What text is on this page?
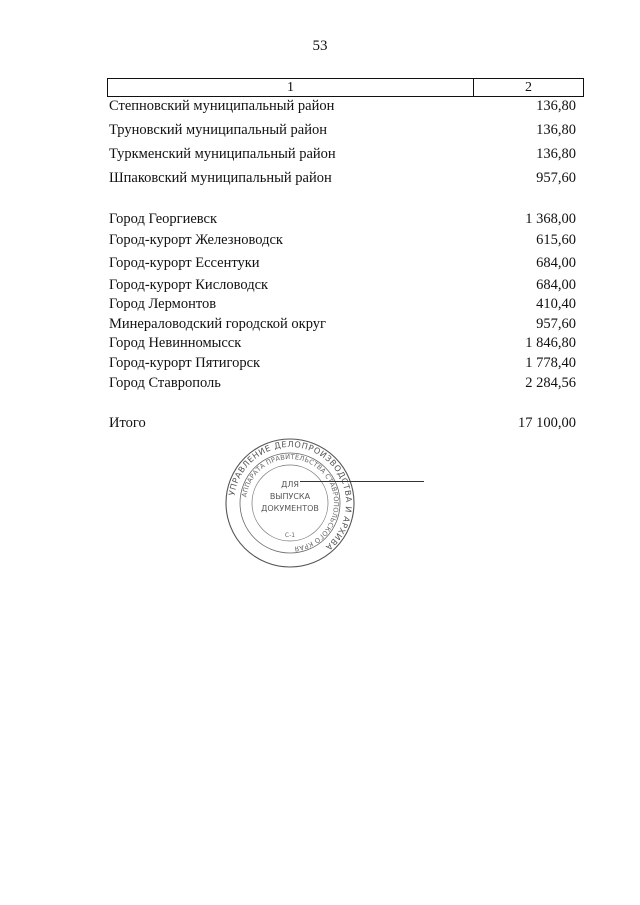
53
1	2
Степновский муниципальный район	136,80
Труновский муниципальный район	136,80
Туркменский муниципальный район	136,80
Шпаковский муниципальный район	957,60
Город Георгиевск	1 368,00
Город-курорт Железноводск	615,60
Город-курорт Ессентуки	684,00
Город-курорт Кисловодск	684,00
Город Лермонтов	410,40
Минераловодский городской округ	957,60
Город Невинномысск	1 846,80
Город-курорт Пятигорск	1 778,40
Город Ставрополь	2 284,56
Итого	17 100,00
УПРАВЛЕНИЕ ДЕЛОПРОИЗВОДСТВА И АРХИВА
АППАРАТА ПРАВИТЕЛЬСТВА СТАВРОПОЛЬСКОГО КРАЯ
ДЛЯ
ВЫПУСКА
ДОКУМЕНТОВ
С-1
